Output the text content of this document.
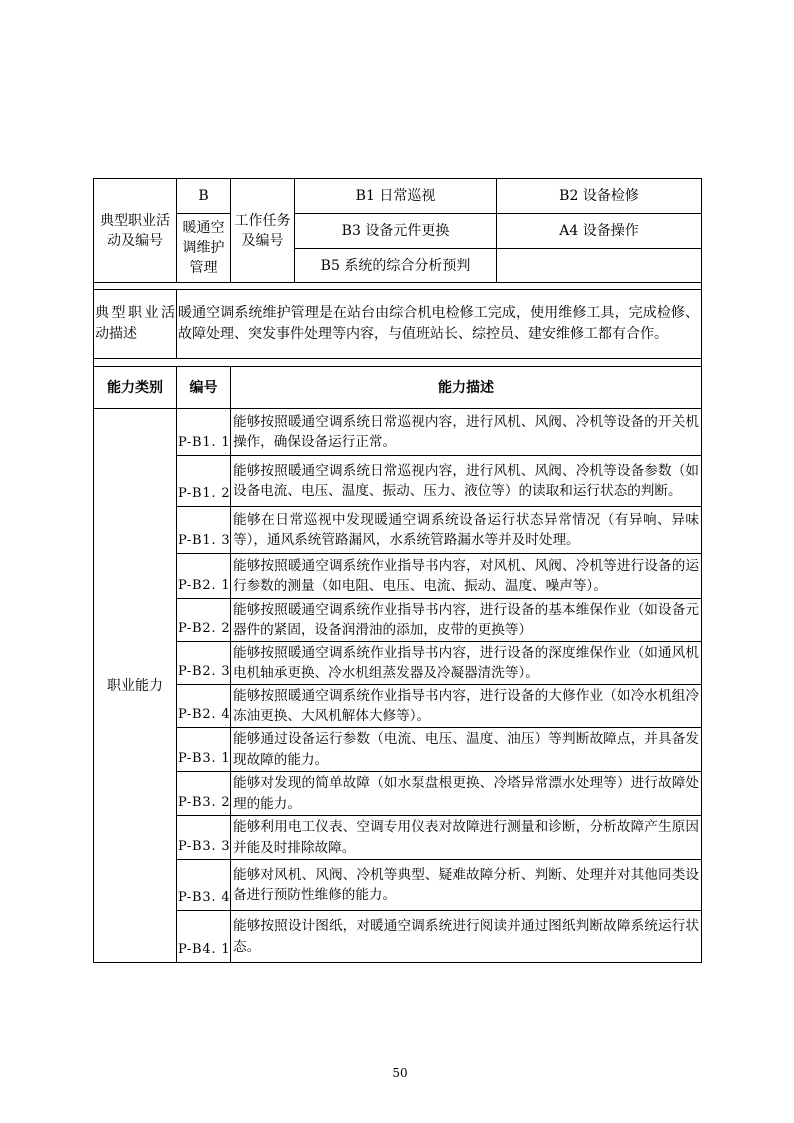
典型职业活动及编号	B	工作任务及编号	B1 日常巡视	B2 设备检修
	暖通空调维护管理		B3 设备元件更换	A4 设备操作
			B5 系统的综合分析预判	

典型职业活动描述	暖通空调系统维护管理是在站台由综合机电检修工完成，使用维修工具，完成检修、故障处理、突发事件处理等内容，与值班站长、综控员、建安维修工都有合作。			

能力类别	编号	能力描述		
职业能力	P-B1. 1	能够按照暖通空调系统日常巡视内容，进行风机、风阀、冷机等设备的开关机操作，确保设备运行正常。		
	P-B1. 2	能够按照暖通空调系统日常巡视内容，进行风机、风阀、冷机等设备参数（如设备电流、电压、温度、振动、压力、液位等）的读取和运行状态的判断。		
	P-B1. 3	能够在日常巡视中发现暖通空调系统设备运行状态异常情况（有异响、异味等），通风系统管路漏风，水系统管路漏水等并及时处理。		
	P-B2. 1	能够按照暖通空调系统作业指导书内容，对风机、风阀、冷机等进行设备的运行参数的测量（如电阻、电压、电流、振动、温度、噪声等）。		
	P-B2. 2	能够按照暖通空调系统作业指导书内容，进行设备的基本维保作业（如设备元器件的紧固，设备润滑油的添加，皮带的更换等）		
	P-B2. 3	能够按照暖通空调系统作业指导书内容，进行设备的深度维保作业（如通风机电机轴承更换、冷水机组蒸发器及冷凝器清洗等）。		
	P-B2. 4	能够按照暖通空调系统作业指导书内容，进行设备的大修作业（如冷水机组冷冻油更换、大风机解体大修等）。		
	P-B3. 1	能够通过设备运行参数（电流、电压、温度、油压）等判断故障点，并具备发现故障的能力。		
	P-B3. 2	能够对发现的简单故障（如水泵盘根更换、冷塔异常漂水处理等）进行故障处理的能力。		
	P-B3. 3	能够利用电工仪表、空调专用仪表对故障进行测量和诊断，分析故障产生原因并能及时排除故障。		
	P-B3. 4	能够对风机、风阀、冷机等典型、疑难故障分析、判断、处理并对其他同类设备进行预防性维修的能力。		
	P-B4. 1	能够按照设计图纸，对暖通空调系统进行阅读并通过图纸判断故障系统运行状态。		
50
